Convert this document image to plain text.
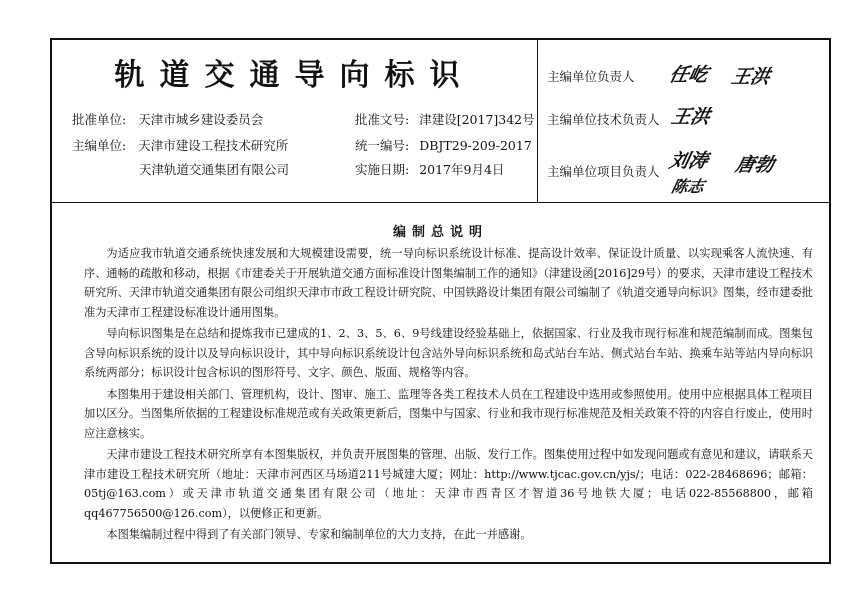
轨道交通导向标识
批准单位: 天津市城乡建设委员会
主编单位: 天津市建设工程技术研究所
天津轨道交通集团有限公司
批准文号: 津建设[2017]342号
统一编号: DBJT29-209-2017
实施日期: 2017年9月4日
主编单位负责人 任屹 王洪
主编单位技术负责人 王洪
主编单位项目负责人 刘涛 唐勃
陈志
编制总说明

为适应我市轨道交通系统快速发展和大规模建设需要，统一导向标识系统设计标准、提高设计效率、保证设计质量、以实现乘客人流快速、有序、通畅的疏散和移动，根据《市建委关于开展轨道交通方面标准设计图集编制工作的通知》（津建设函[2016]29号）的要求，天津市建设工程技术研究所、天津市轨道交通集团有限公司组织天津市市政工程设计研究院、中国铁路设计集团有限公司编制了《轨道交通导向标识》图集，经市建委批准为天津市工程建设标准设计通用图集。

导向标识图集是在总结和提炼我市已建成的1、2、3、5、6、9号线建设经验基础上，依据国家、行业及我市现行标准和规范编制而成。图集包含导向标识系统的设计以及导向标识设计，其中导向标识系统设计包含站外导向标识系统和岛式站台车站、侧式站台车站、换乘车站等站内导向标识系统两部分；标识设计包含标识的图形符号、文字、颜色、版面、规格等内容。

本图集用于建设相关部门、管理机构，设计、图审、施工、监理等各类工程技术人员在工程建设中选用或参照使用。使用中应根据具体工程项目加以区分。当图集所依据的工程建设标准规范或有关政策更新后，图集中与国家、行业和我市现行标准规范及相关政策不符的内容自行废止，使用时应注意核实。

天津市建设工程技术研究所享有本图集版权，并负责开展图集的管理、出版、发行工作。图集使用过程中如发现问题或有意见和建议，请联系天津市建设工程技术研究所（地址：天津市河西区马场道211号城建大厦；网址：http://www.tjcac.gov.cn/yjs/；电话：022-28468696；邮箱：05tj@163.com）或天津市轨道交通集团有限公司（地址：天津市西青区才智道36号地铁大厦；电话022-85568800，邮箱qq467756500@126.com），以便修正和更新。

本图集编制过程中得到了有关部门领导、专家和编制单位的大力支持，在此一并感谢。
